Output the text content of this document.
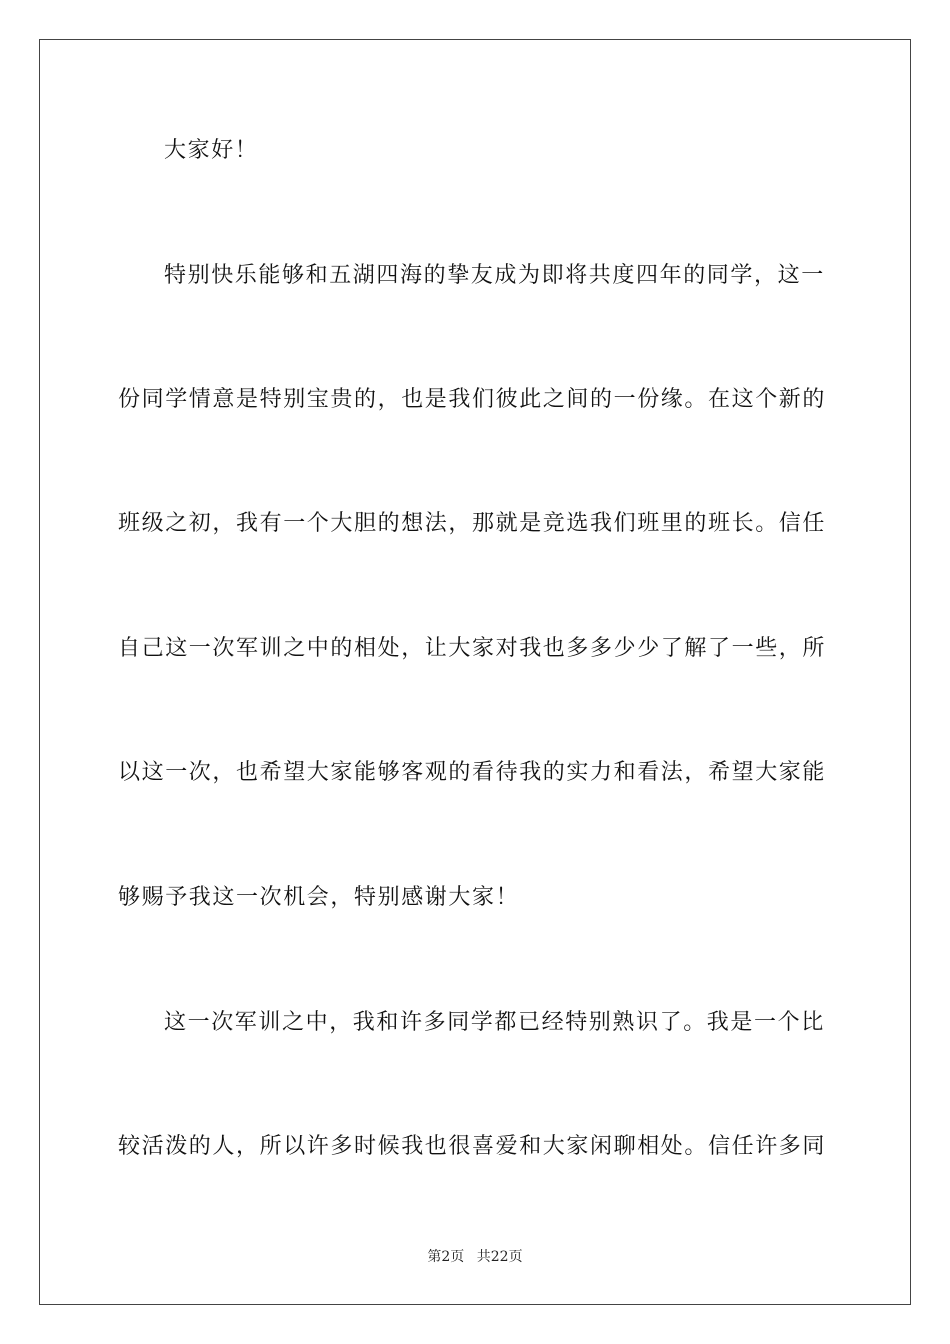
大家好！
特别快乐能够和五湖四海的挚友成为即将共度四年的同学，这一
份同学情意是特别宝贵的，也是我们彼此之间的一份缘。在这个新的
班级之初，我有一个大胆的想法，那就是竞选我们班里的班长。信任
自己这一次军训之中的相处，让大家对我也多多少少了解了一些，所
以这一次，也希望大家能够客观的看待我的实力和看法，希望大家能
够赐予我这一次机会，特别感谢大家！
这一次军训之中，我和许多同学都已经特别熟识了。我是一个比
较活泼的人，所以许多时候我也很喜爱和大家闲聊相处。信任许多同
第2页 共22页
